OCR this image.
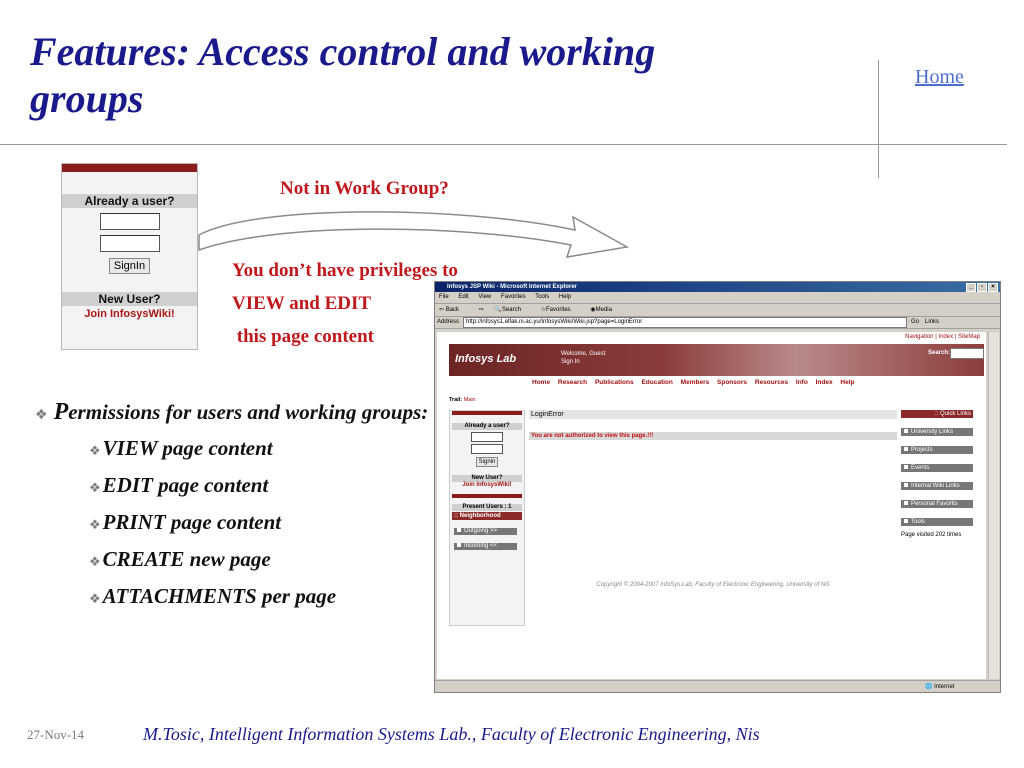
Features: Access control and working groups	Home
Already a user?
SignIn
New User?
Join InfosysWiki!
Not in Work Group?
You don’t have privileges to
VIEW and EDIT
this page content
❖ Permissions for users and working groups:
❖VIEW page content
❖EDIT page content
❖PRINT page content
❖CREATE new page
❖ATTACHMENTS per page
Infosys JSP Wiki - Microsoft Internet Explorer	_	▫	×
File Edit View Favorites Tools Help
⇦ Back	⇨ 🔍Search	☆Favorites	◉Media
Address	http://infosys1.elfak.ni.ac.yu/InfosysWiki/Wiki.jsp?page=LoginError	Go Links
Navigation | Index | SiteMap
Infosys Lab	Welcome, Guest
Sign In
Search:
Home Research Publications Education Members Sponsors Resources Info Index Help
Trail: Main
Already a user?
Signin
New User?
Join InfosysWiki!
Present Users : 1
:: Neighborhood
Outgoing >>
Incoming <<
LoginError
You are not authorized to view this page.!!!
Copyright © 2004-2007 InfoSys.Lab, Faculty of Electronic Engineering, University of Niš
:: Quick Links
University Links
Projects
Events
Internal Wiki Links
Personal Favorits
Tools
Page visited 202 times
🌐 Internet
27-Nov-14	M.Tosic, Intelligent Information Systems Lab., Faculty of Electronic Engineering, Nis
